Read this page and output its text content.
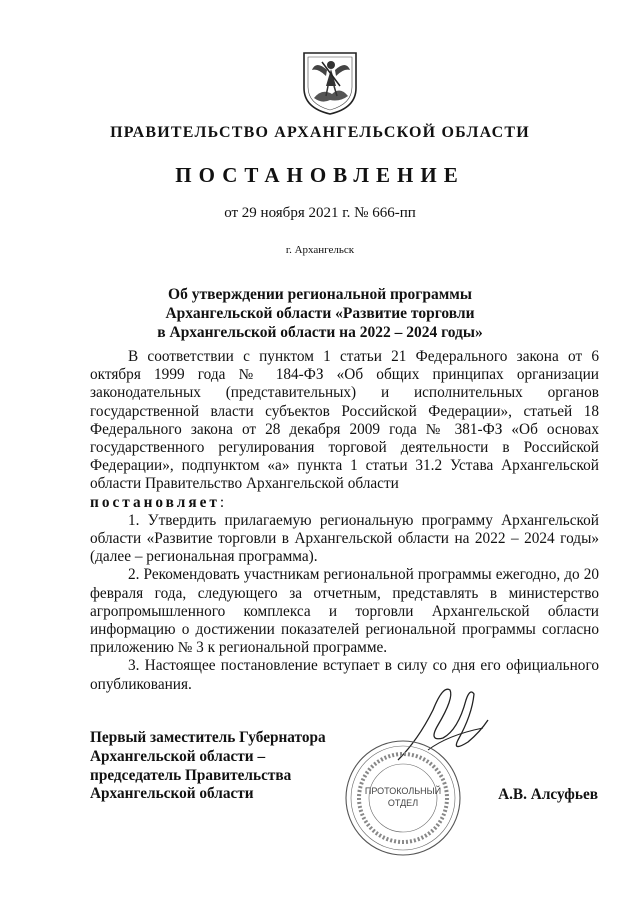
ПРАВИТЕЛЬСТВО АРХАНГЕЛЬСКОЙ ОБЛАСТИ
ПОСТАНОВЛЕНИЕ
от 29 ноября 2021 г. № 666-пп
г. Архангельск
Об утверждении региональной программы
Архангельской области «Развитие торговли
в Архангельской области на 2022 – 2024 годы»

В соответствии с пунктом 1 статьи 21 Федерального закона от 6 октября 1999 года № 184-ФЗ «Об общих принципах организации законодательных (представительных) и исполнительных органов государственной власти субъектов Российской Федерации», статьей 18 Федерального закона от 28 декабря 2009 года № 381-ФЗ «Об основах государственного регулирования торговой деятельности в Российской Федерации», подпунктом «а» пункта 1 статьи 31.2 Устава Архангельской области Правительство Архангельской области

постановляет:

1. Утвердить прилагаемую региональную программу Архангельской области «Развитие торговли в Архангельской области на 2022 – 2024 годы» (далее – региональная программа).

2. Рекомендовать участникам региональной программы ежегодно, до 20 февраля года, следующего за отчетным, представлять в министерство агропромышленного комплекса и торговли Архангельской области информацию о достижении показателей региональной программы согласно приложению № 3 к региональной программе.

3. Настоящее постановление вступает в силу со дня его официального опубликования.

ПРОТОКОЛЬНЫЙ
ОТДЕЛ
Первый заместитель Губернатора
Архангельской области –
председатель Правительства
Архангельской области	А.В. Алсуфьев
